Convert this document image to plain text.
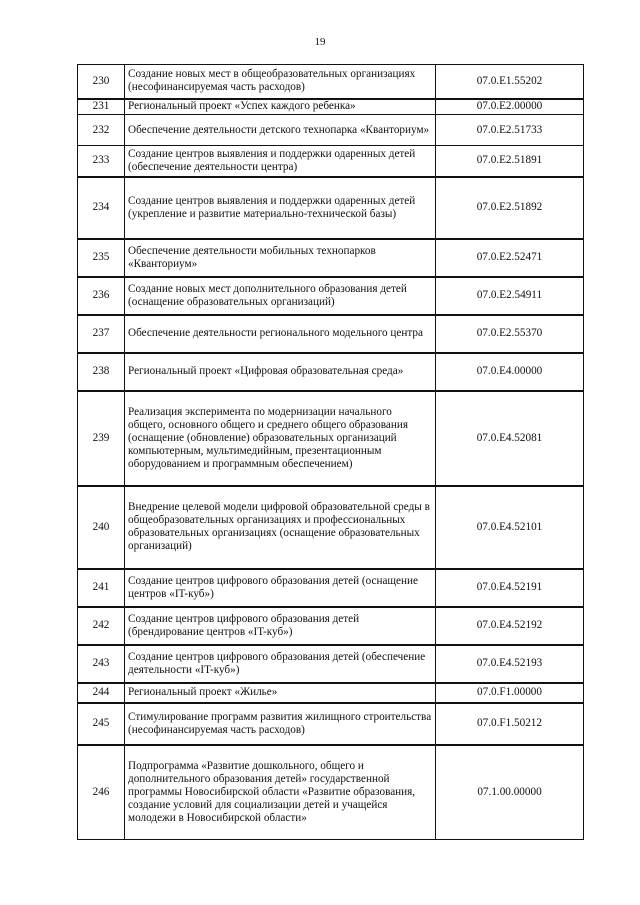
19
230	Создание новых мест в общеобразовательных организациях (несофинансируемая часть расходов)	07.0.E1.55202
231	Региональный проект «Успех каждого ребенка»	07.0.E2.00000
232	Обеспечение деятельности детского технопарка «Кванториум»	07.0.E2.51733
233	Создание центров выявления и поддержки одаренных детей (обеспечение деятельности центра)	07.0.E2.51891
234	Создание центров выявления и поддержки одаренных детей (укрепление и развитие материально-технической базы)	07.0.E2.51892
235	Обеспечение деятельности мобильных технопарков «Кванториум»	07.0.E2.52471
236	Создание новых мест дополнительного образования детей (оснащение образовательных организаций)	07.0.E2.54911
237	Обеспечение деятельности регионального модельного центра	07.0.E2.55370
238	Региональный проект «Цифровая образовательная среда»	07.0.E4.00000
239	Реализация эксперимента по модернизации начального общего, основного общего и среднего общего образования (оснащение (обновление) образовательных организаций компьютерным, мультимедийным, презентационным оборудованием и программным обеспечением)	07.0.E4.52081
240	Внедрение целевой модели цифровой образовательной среды в общеобразовательных организациях и профессиональных образовательных организациях (оснащение образовательных организаций)	07.0.E4.52101
241	Создание центров цифрового образования детей (оснащение центров «IT-куб»)	07.0.E4.52191
242	Создание центров цифрового образования детей (брендирование центров «IT-куб»)	07.0.E4.52192
243	Создание центров цифрового образования детей (обеспечение деятельности «IT-куб»)	07.0.E4.52193
244	Региональный проект «Жилье»	07.0.F1.00000
245	Стимулирование программ развития жилищного строительства (несофинансируемая часть расходов)	07.0.F1.50212
246	Подпрограмма «Развитие дошкольного, общего и дополнительного образования детей» государственной программы Новосибирской области «Развитие образования, создание условий для социализации детей и учащейся молодежи в Новосибирской области»	07.1.00.00000
